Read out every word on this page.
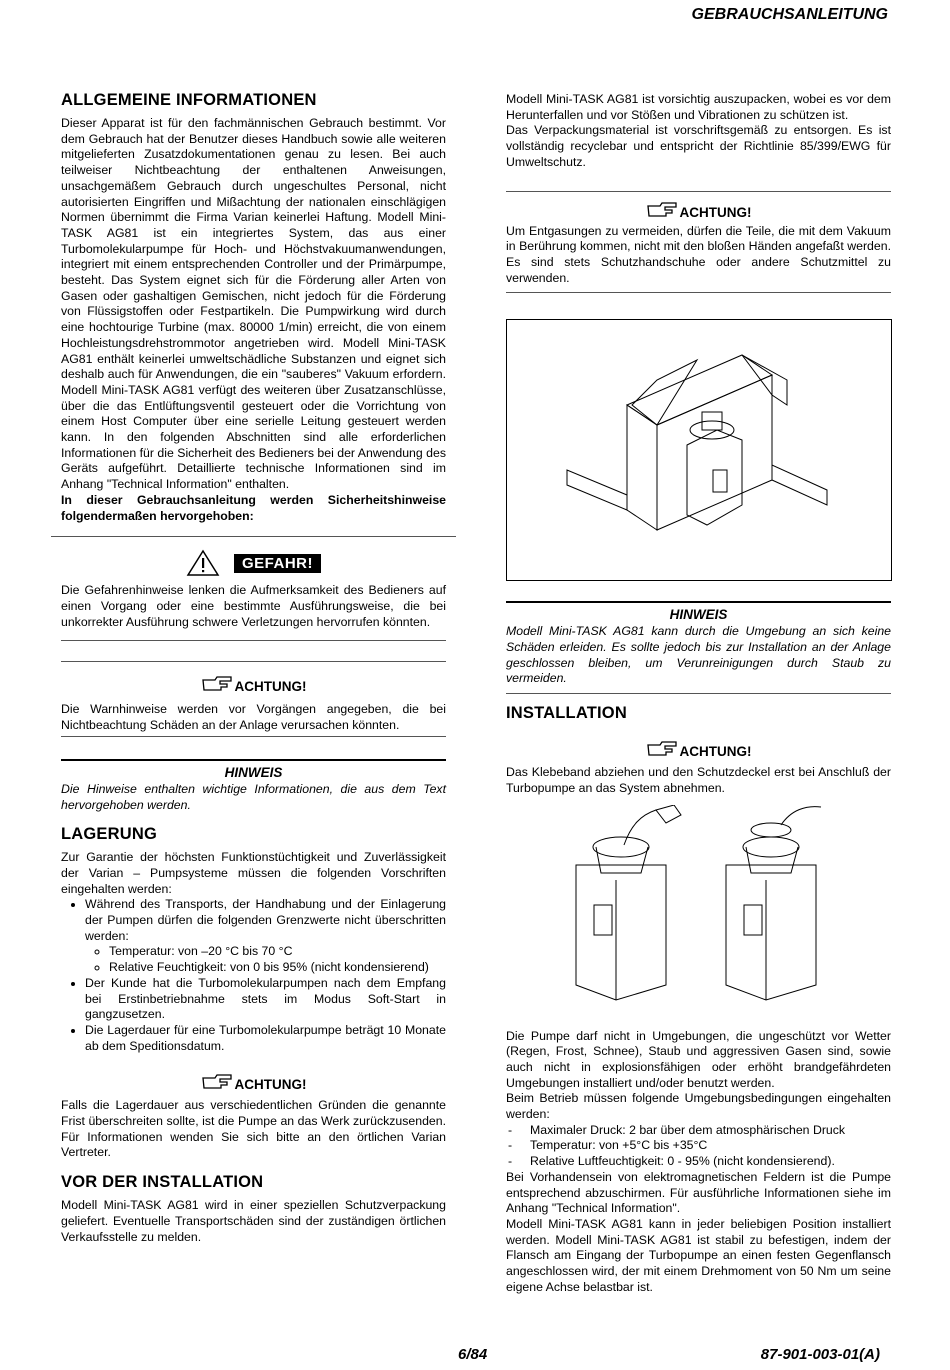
GEBRAUCHSANLEITUNG
ALLGEMEINE INFORMATIONEN

Dieser Apparat ist für den fachmännischen Gebrauch bestimmt. Vor dem Gebrauch hat der Benutzer dieses Handbuch sowie alle weiteren mitgelieferten Zusatzdokumentationen genau zu lesen. Bei auch teilweiser Nichtbeachtung der enthaltenen Anweisungen, unsachgemäßem Gebrauch durch ungeschultes Personal, nicht autorisierten Eingriffen und Mißachtung der nationalen einschlägigen Normen übernimmt die Firma Varian keinerlei Haftung. Modell Mini-TASK AG81 ist ein integriertes System, das aus einer Turbomolekularpumpe für Hoch- und Höchstvakuumanwendungen, integriert mit einem entsprechenden Controller und der Primärpumpe, besteht. Das System eignet sich für die Förderung aller Arten von Gasen oder gashaltigen Gemischen, nicht jedoch für die Förderung von Flüssigstoffen oder Festpartikeln. Die Pumpwirkung wird durch eine hochtourige Turbine (max. 80000 1/min) erreicht, die von einem Hochleistungsdrehstrommotor angetrieben wird. Modell Mini-TASK AG81 enthält keinerlei umweltschädliche Substanzen und eignet sich deshalb auch für Anwendungen, die ein "sauberes" Vakuum erfordern. Modell Mini-TASK AG81 verfügt des weiteren über Zusatzanschlüsse, über die das Entlüftungsventil gesteuert oder die Vorrichtung von einem Host Computer über eine serielle Leitung gesteuert werden kann. In den folgenden Abschnitten sind alle erforderlichen Informationen für die Sicherheit des Bedieners bei der Anwendung des Geräts aufgeführt. Detaillierte technische Informationen sind im Anhang "Technical Information" enthalten.

In dieser Gebrauchsanleitung werden Sicherheitshinweise folgendermaßen hervorgehoben:

GEFAHR!

Die Gefahrenhinweise lenken die Aufmerksamkeit des Bedieners auf einen Vorgang oder eine bestimmte Ausführungsweise, die bei unkorrekter Ausführung schwere Verletzungen hervorrufen könnten.

ACHTUNG!

Die Warnhinweise werden vor Vorgängen angegeben, die bei Nichtbeachtung Schäden an der Anlage verursachen könnten.

HINWEIS

Die Hinweise enthalten wichtige Informationen, die aus dem Text hervorgehoben werden.

LAGERUNG

Zur Garantie der höchsten Funktionstüchtigkeit und Zuverlässigkeit der Varian – Pumpsysteme müssen die folgenden Vorschriften eingehalten werden:

• Während des Transports, der Handhabung und der Einlagerung der Pumpen dürfen die folgenden Grenzwerte nicht überschritten werden:
◦ Temperatur: von –20 °C bis 70 °C
◦ Relative Feuchtigkeit: von 0 bis 95% (nicht kondensierend)
• Der Kunde hat die Turbomolekularpumpen nach dem Empfang bei Erstinbetriebnahme stets im Modus Soft-Start in gangzusetzen.
• Die Lagerdauer für eine Turbomolekularpumpe beträgt 10 Monate ab dem Speditionsdatum.
ACHTUNG!

Falls die Lagerdauer aus verschiedentlichen Gründen die genannte Frist überschreiten sollte, ist die Pumpe an das Werk zurückzusenden. Für Informationen wenden Sie sich bitte an den örtlichen Varian Vertreter.

VOR DER INSTALLATION

Modell Mini-TASK AG81 wird in einer speziellen Schutzverpackung geliefert. Eventuelle Transportschäden sind der zuständigen örtlichen Verkaufsstelle zu melden.

Modell Mini-TASK AG81 ist vorsichtig auszupacken, wobei es vor dem Herunterfallen und vor Stößen und Vibrationen zu schützen ist.

Das Verpackungsmaterial ist vorschriftsgemäß zu entsorgen. Es ist vollständig recyclebar und entspricht der Richtlinie 85/399/EWG für Umweltschutz.

ACHTUNG!

Um Entgasungen zu vermeiden, dürfen die Teile, die mit dem Vakuum in Berührung kommen, nicht mit den bloßen Händen angefaßt werden. Es sind stets Schutzhandschuhe oder andere Schutzmittel zu verwenden.

HINWEIS

Modell Mini-TASK AG81 kann durch die Umgebung an sich keine Schäden erleiden. Es sollte jedoch bis zur Installation an der Anlage geschlossen bleiben, um Verunreinigungen durch Staub zu vermeiden.

INSTALLATION
ACHTUNG!

Das Klebeband abziehen und den Schutzdeckel erst bei Anschluß der Turbopumpe an das System abnehmen.

Die Pumpe darf nicht in Umgebungen, die ungeschützt vor Wetter (Regen, Frost, Schnee), Staub und aggressiven Gasen sind, sowie auch nicht in explosionsfähigen oder erhöht brandgefährdeten Umgebungen installiert und/oder benutzt werden.

Beim Betrieb müssen folgende Umgebungsbedingungen eingehalten werden:

- Maximaler Druck: 2 bar über dem atmosphärischen Druck
- Temperatur: von +5°C bis +35°C
- Relative Luftfeuchtigkeit: 0 - 95% (nicht kondensierend).

Bei Vorhandensein von elektromagnetischen Feldern ist die Pumpe entsprechend abzuschirmen. Für ausführliche Informationen siehe im Anhang "Technical Information".

Modell Mini-TASK AG81 kann in jeder beliebigen Position installiert werden. Modell Mini-TASK AG81 ist stabil zu befestigen, indem der Flansch am Eingang der Turbopumpe an einen festen Gegenflansch angeschlossen wird, der mit einem Drehmoment von 50 Nm um seine eigene Achse belastbar ist.

6/84	87-901-003-01(A)
